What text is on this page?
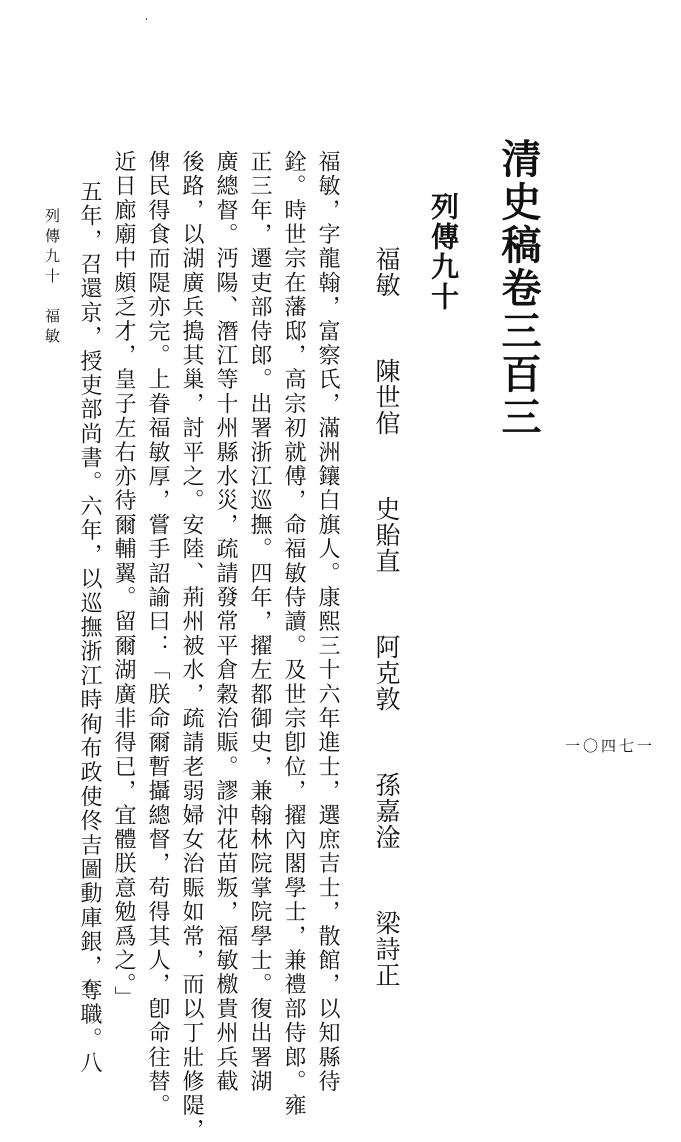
清史稿卷三百三
列傳九十
福敏 陳世倌 史貽直 阿克敦 孫嘉淦 梁詩正
福敏，字龍翰，富察氏，滿洲鑲白旗人。康熙三十六年進士，選庶吉士，散館，以知縣待
銓。時世宗在藩邸，高宗初就傅，命福敏侍讀。及世宗卽位，擢內閣學士，兼禮部侍郎。雍
正三年，遷吏部侍郎。出署浙江巡撫。四年，擢左都御史，兼翰林院掌院學士。復出署湖
廣總督。沔陽、潛江等十州縣水災，疏請發常平倉穀治賑。謬沖花苗叛，福敏檄貴州兵截
後路，以湖廣兵搗其巢，討平之。安陸、荊州被水，疏請老弱婦女治賑如常，而以丁壯修隄，
俾民得食而隄亦完。上眷福敏厚，嘗手詔諭曰：「朕命爾暫攝總督，苟得其人，卽命往替。
近日廊廟中頗乏才，皇子左右亦待爾輔翼。留爾湖廣非得已，宜體朕意勉爲之。」
五年，召還京，授吏部尚書。六年，以巡撫浙江時徇布政使佟吉圖動庫銀，奪職。八
列傳九十　福敏
一〇四七一
